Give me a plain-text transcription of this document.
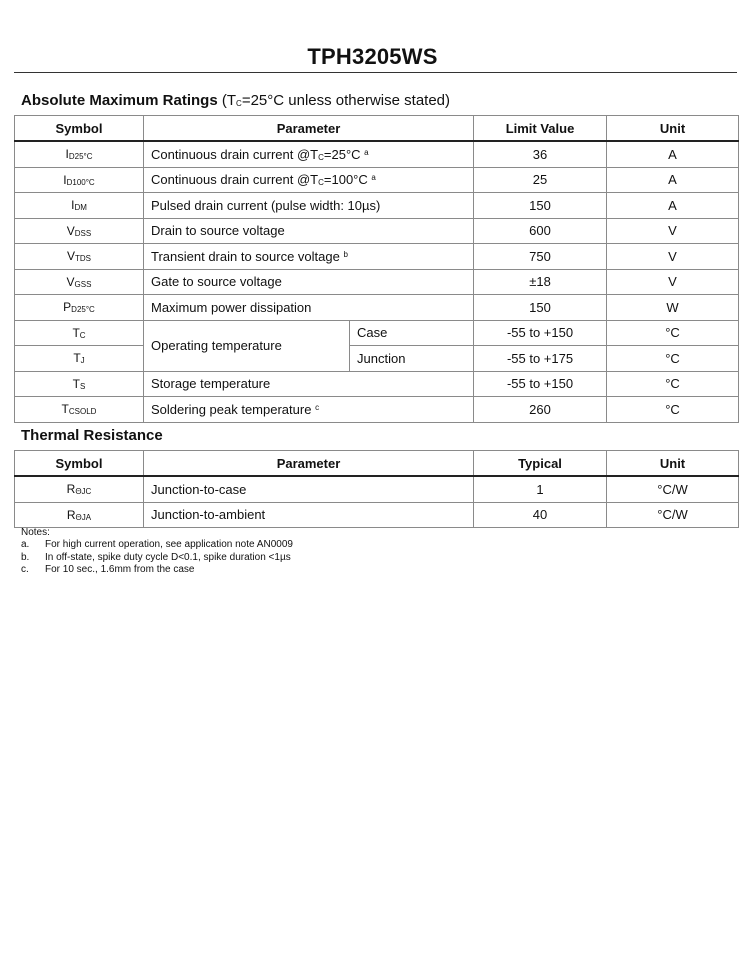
TPH3205WS
Absolute Maximum Ratings ($T_C=25^\circ C$ unless otherwise stated)
Symbol	Parameter		Limit Value	Unit
$I_{D25^\circ C}$	Continuous drain current $@T_C=25^\circ C$ $^a$		36	A
$I_{D100^\circ C}$	Continuous drain current $@T_C=100^\circ C$ $^a$		25	A
$I_{DM}$	Pulsed drain current (pulse width: 10µs)		150	A
$V_{DSS}$	Drain to source voltage		600	V
$V_{TDS}$	Transient drain to source voltage $^b$		750	V
$V_{GSS}$	Gate to source voltage		±18	V
$P_{D25^\circ C}$	Maximum power dissipation		150	W
$T_C$	Operating temperature	Case	-55 to +150	°C
$T_J$		Junction	-55 to +175	°C
$T_S$	Storage temperature		-55 to +150	°C
$T_{CSOLD}$	Soldering peak temperature $^c$		260	°C
Thermal Resistance
Symbol	Parameter	Typical	Unit
$R_{\Theta JC}$	Junction-to-case	1	°C/W
$R_{\Theta JA}$	Junction-to-ambient	40	°C/W
Notes:
a.	For high current operation, see application note AN0009
b.	In off-state, spike duty cycle D<0.1, spike duration <1µs
c.	For 10 sec., 1.6mm from the case
